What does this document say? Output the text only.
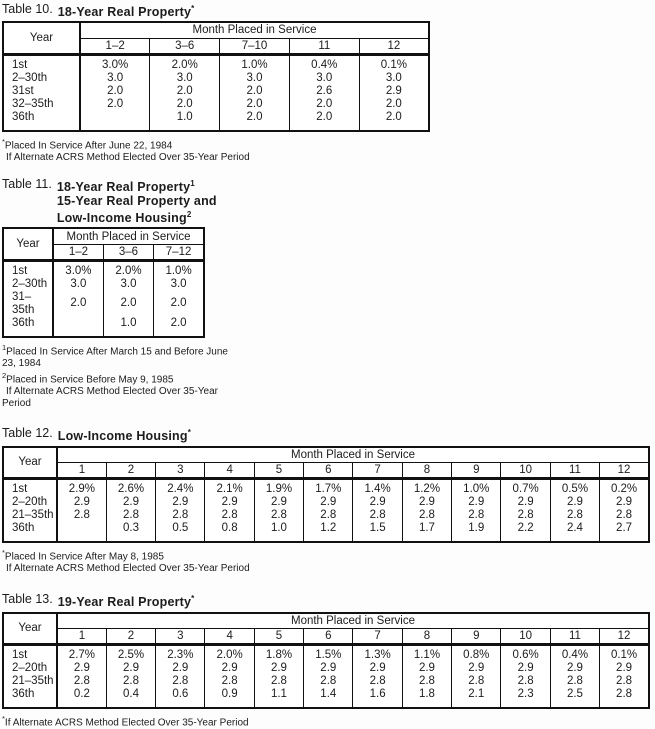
Table 10. 18-Year Real Property*
Year	Month Placed in Service				
	1–2	3–6	7–10	11	12
1st	3.0%	2.0%	1.0%	0.4%	0.1%
2–30th	3.0	3.0	3.0	3.0	3.0
31st	2.0	2.0	2.0	2.6	2.9
32–35th	2.0	2.0	2.0	2.0	2.0
36th		1.0	2.0	2.0	2.0
*Placed In Service After June 22, 1984
If Alternate ACRS Method Elected Over 35-Year Period
Table 11. 18-Year Real Property$^1$
15-Year Real Property and
Low-Income Housing$^2$
Year	Month Placed in Service		
	1–2	3–6	7–12
1st	3.0%	2.0%	1.0%
2–30th	3.0	3.0	3.0
31–35th	2.0	2.0	2.0
36th		1.0	2.0
$^1$Placed In Service After March 15 and Before June
23, 1984
$^2$Placed in Service Before May 9, 1985
If Alternate ACRS Method Elected Over 35-Year
Period
Table 12. Low-Income Housing*
Year	Month Placed in Service											
	1	2	3	4	5	6	7	8	9	10	11	12
1st	2.9%	2.6%	2.4%	2.1%	1.9%	1.7%	1.4%	1.2%	1.0%	0.7%	0.5%	0.2%
2–20th	2.9	2.9	2.9	2.9	2.9	2.9	2.9	2.9	2.9	2.9	2.9	2.9
21–35th	2.8	2.8	2.8	2.8	2.8	2.8	2.8	2.8	2.8	2.8	2.8	2.8
36th		0.3	0.5	0.8	1.0	1.2	1.5	1.7	1.9	2.2	2.4	2.7
*Placed In Service After May 8, 1985
If Alternate ACRS Method Elected Over 35-Year Period
Table 13. 19-Year Real Property*
Year	Month Placed in Service											
	1	2	3	4	5	6	7	8	9	10	11	12
1st	2.7%	2.5%	2.3%	2.0%	1.8%	1.5%	1.3%	1.1%	0.8%	0.6%	0.4%	0.1%
2–20th	2.9	2.9	2.9	2.9	2.9	2.9	2.9	2.9	2.9	2.9	2.9	2.9
21–35th	2.8	2.8	2.8	2.8	2.8	2.8	2.8	2.8	2.8	2.8	2.8	2.8
36th	0.2	0.4	0.6	0.9	1.1	1.4	1.6	1.8	2.1	2.3	2.5	2.8
*If Alternate ACRS Method Elected Over 35-Year Period
